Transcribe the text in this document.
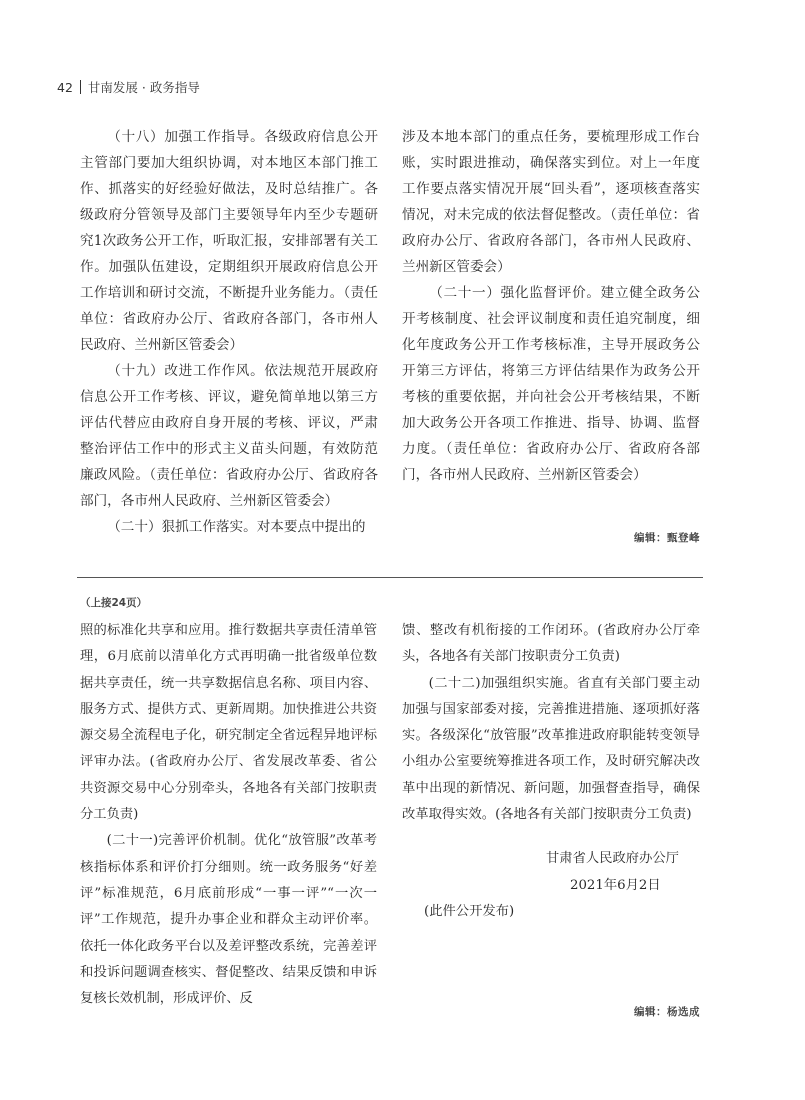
42 甘南发展 · 政务指导

（十八）加强工作指导。各级政府信息公开主管部门要加大组织协调，对本地区本部门推工作、抓落实的好经验好做法，及时总结推广。各级政府分管领导及部门主要领导年内至少专题研究1次政务公开工作，听取汇报，安排部署有关工作。加强队伍建设，定期组织开展政府信息公开工作培训和研讨交流，不断提升业务能力。（责任单位：省政府办公厅、省政府各部门，各市州人民政府、兰州新区管委会）

（十九）改进工作作风。依法规范开展政府信息公开工作考核、评议，避免简单地以第三方评估代替应由政府自身开展的考核、评议，严肃整治评估工作中的形式主义苗头问题，有效防范廉政风险。（责任单位：省政府办公厅、省政府各部门，各市州人民政府、兰州新区管委会）

（二十）狠抓工作落实。对本要点中提出的

涉及本地本部门的重点任务，要梳理形成工作台账，实时跟进推动，确保落实到位。对上一年度工作要点落实情况开展“回头看”，逐项核查落实情况，对未完成的依法督促整改。（责任单位：省政府办公厅、省政府各部门，各市州人民政府、兰州新区管委会）

（二十一）强化监督评价。建立健全政务公开考核制度、社会评议制度和责任追究制度，细化年度政务公开工作考核标准，主导开展政务公开第三方评估，将第三方评估结果作为政务公开考核的重要依据，并向社会公开考核结果，不断加大政务公开各项工作推进、指导、协调、监督力度。（责任单位：省政府办公厅、省政府各部门，各市州人民政府、兰州新区管委会）

编辑：甄登峰
（上接24页）

照的标准化共享和应用。推行数据共享责任清单管理，6月底前以清单化方式再明确一批省级单位数据共享责任，统一共享数据信息名称、项目内容、服务方式、提供方式、更新周期。加快推进公共资源交易全流程电子化，研究制定全省远程异地评标评审办法。(省政府办公厅、省发展改革委、省公共资源交易中心分别牵头，各地各有关部门按职责分工负责)

(二十一)完善评价机制。优化“放管服”改革考核指标体系和评价打分细则。统一政务服务“好差评”标准规范，6月底前形成“一事一评”“一次一评”工作规范，提升办事企业和群众主动评价率。依托一体化政务平台以及差评整改系统，完善差评和投诉问题调查核实、督促整改、结果反馈和申诉复核长效机制，形成评价、反

馈、整改有机衔接的工作闭环。(省政府办公厅牵头，各地各有关部门按职责分工负责)

(二十二)加强组织实施。省直有关部门要主动加强与国家部委对接，完善推进措施、逐项抓好落实。各级深化“放管服”改革推进政府职能转变领导小组办公室要统筹推进各项工作，及时研究解决改革中出现的新情况、新问题，加强督查指导，确保改革取得实效。(各地各有关部门按职责分工负责)

甘肃省人民政府办公厅

2021年6月2日

(此件公开发布)

编辑：杨选成
